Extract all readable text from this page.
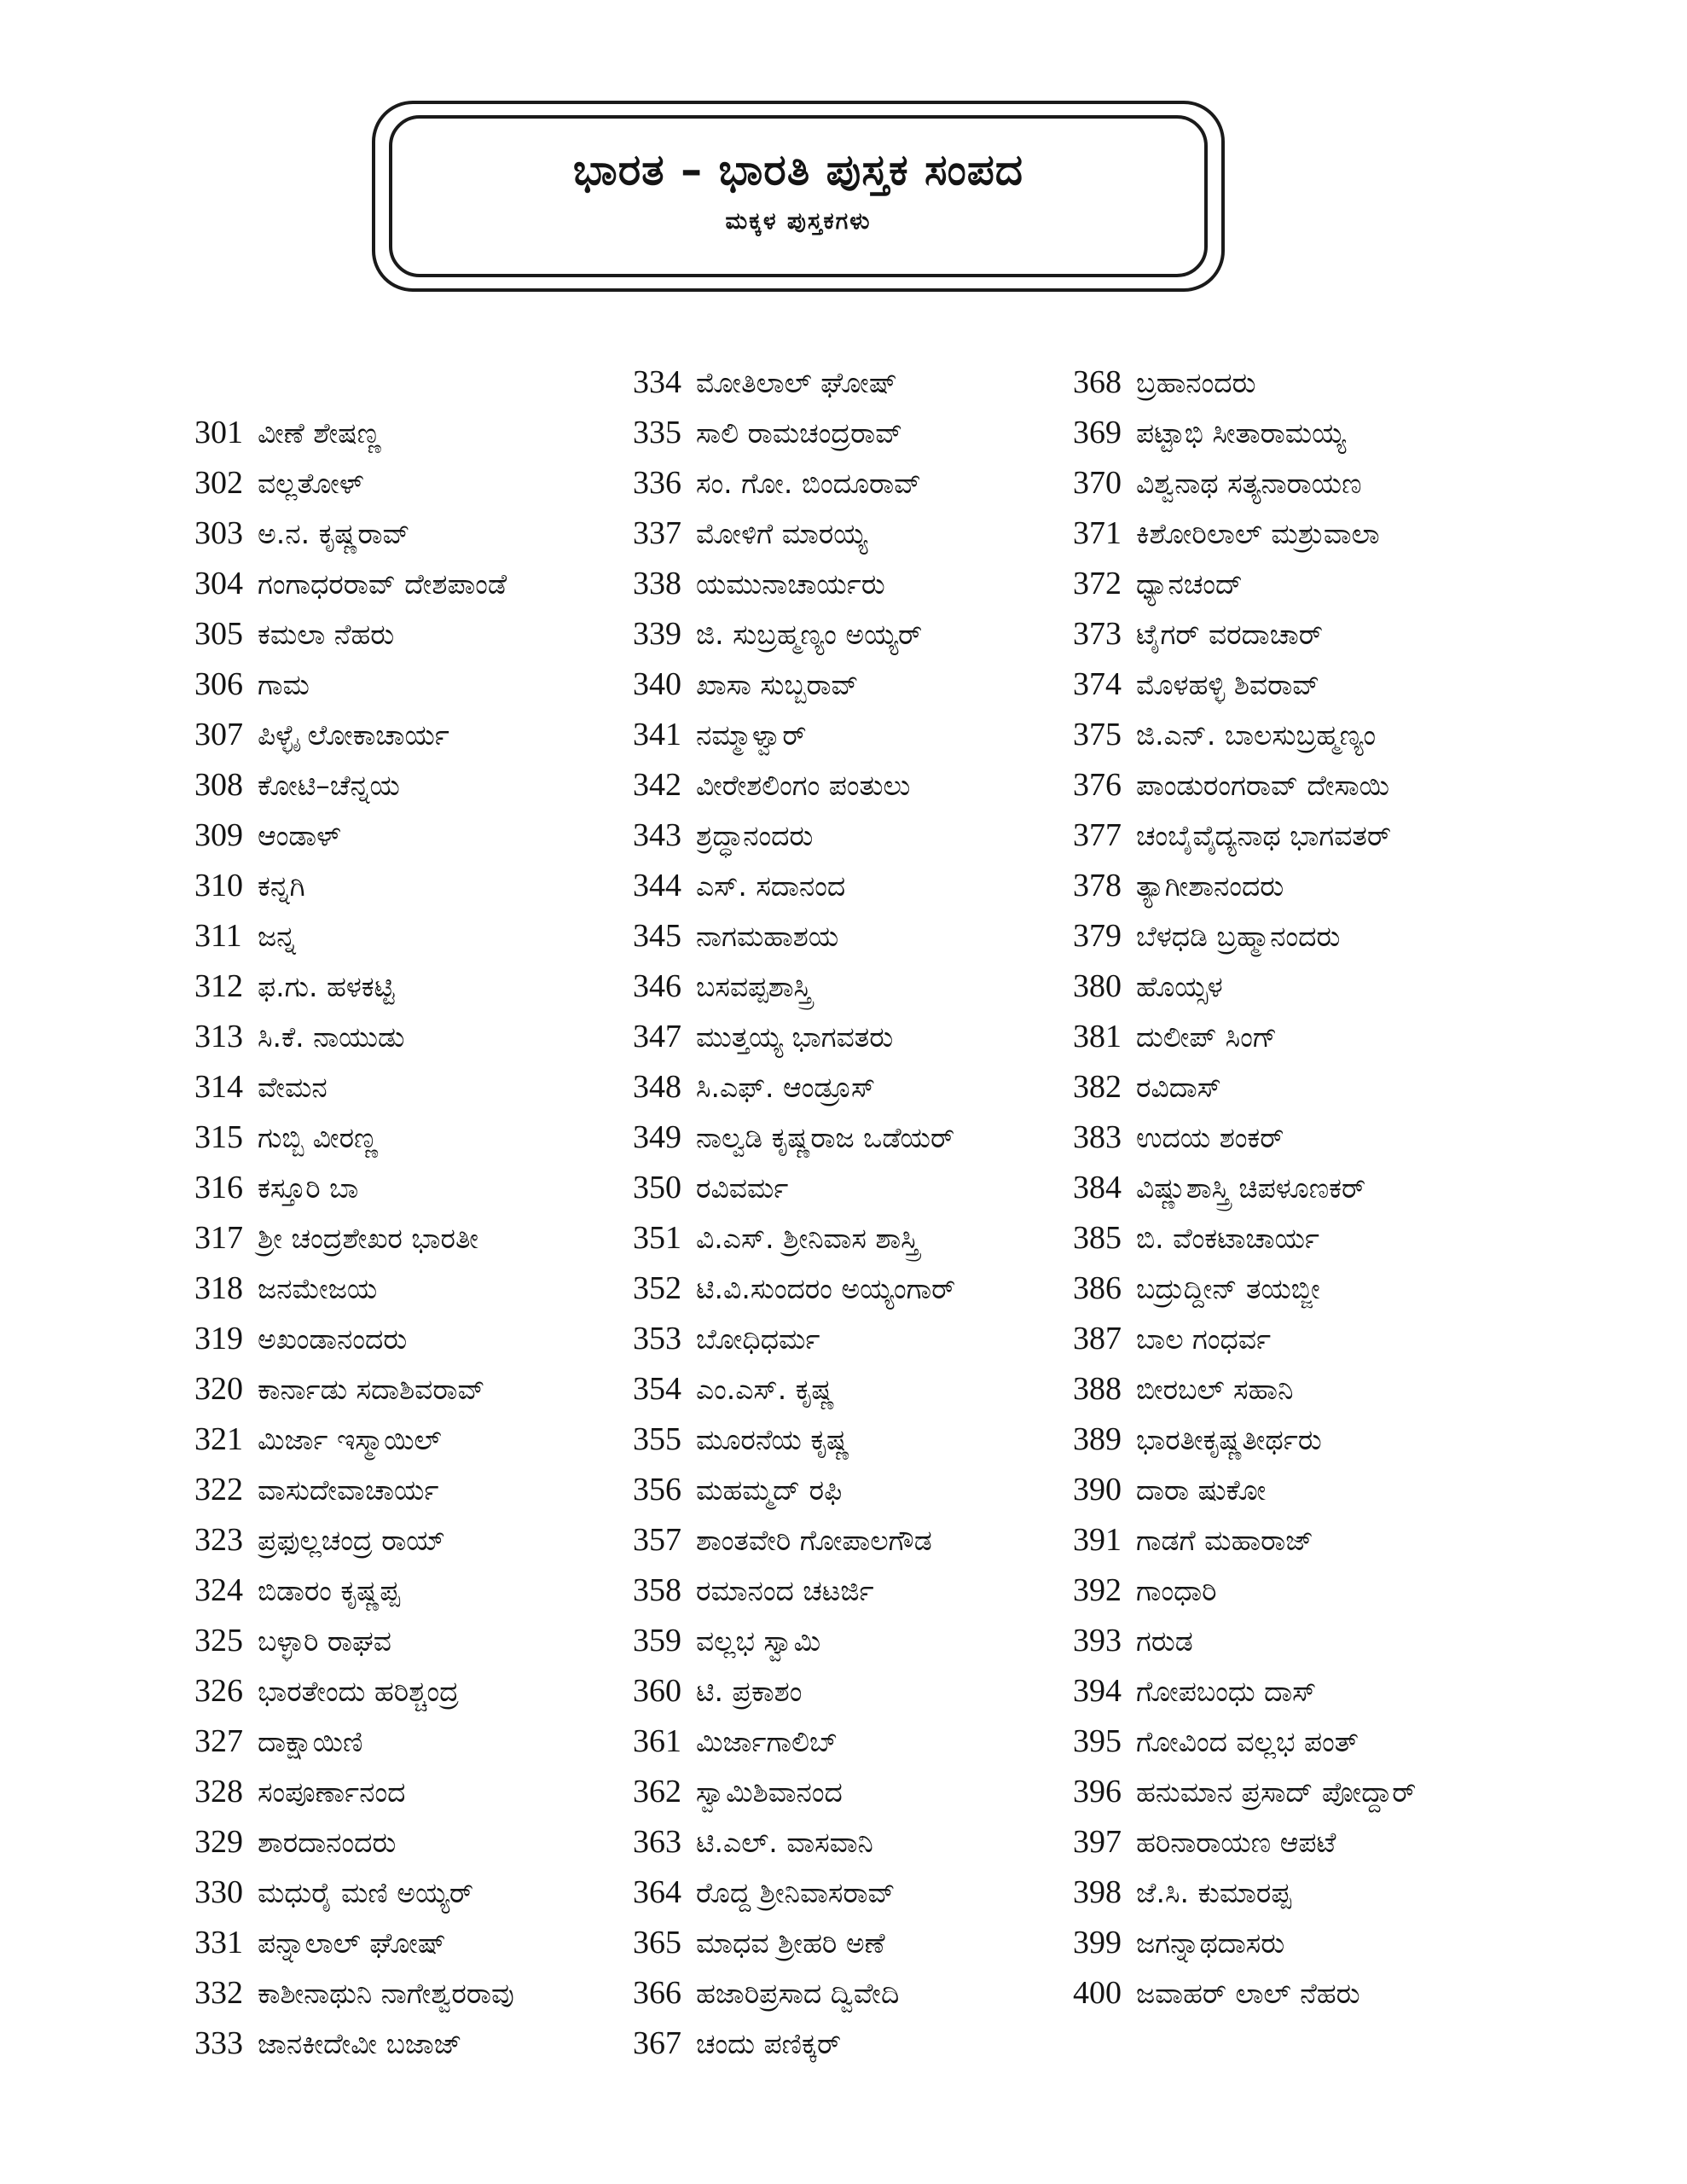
ಭಾರತ – ಭಾರತಿ ಪುಸ್ತಕ ಸಂಪದ
ಮಕ್ಕಳ ಪುಸ್ತಕಗಳು
301 ವೀಣೆ ಶೇಷಣ್ಣ
302 ವಲ್ಲತೋಳ್
303 ಅ.ನ. ಕೃಷ್ಣರಾವ್
304 ಗಂಗಾಧರರಾವ್ ದೇಶಪಾಂಡೆ
305 ಕಮಲಾ ನೆಹರು
306 ಗಾಮ
307 ಪಿಳ್ಳೈ ಲೋಕಾಚಾರ್ಯ
308 ಕೋಟಿ–ಚೆನ್ನಯ
309 ಆಂಡಾಳ್
310 ಕನ್ನಗಿ
311 ಜನ್ನ
312 ಫ.ಗು. ಹಳಕಟ್ಟಿ
313 ಸಿ.ಕೆ. ನಾಯುಡು
314 ವೇಮನ
315 ಗುಬ್ಬಿ ವೀರಣ್ಣ
316 ಕಸ್ತೂರಿ ಬಾ
317 ಶ್ರೀ ಚಂದ್ರಶೇಖರ ಭಾರತೀ
318 ಜನಮೇಜಯ
319 ಅಖಂಡಾನಂದರು
320 ಕಾರ್ನಾಡು ಸದಾಶಿವರಾವ್
321 ಮಿರ್ಜಾ ಇಸ್ಮಾಯಿಲ್
322 ವಾಸುದೇವಾಚಾರ್ಯ
323 ಪ್ರಫುಲ್ಲಚಂದ್ರ ರಾಯ್
324 ಬಿಡಾರಂ ಕೃಷ್ಣಪ್ಪ
325 ಬಳ್ಳಾರಿ ರಾಘವ
326 ಭಾರತೇಂದು ಹರಿಶ್ಚಂದ್ರ
327 ದಾಕ್ಷಾಯಿಣಿ
328 ಸಂಪೂರ್ಣಾನಂದ
329 ಶಾರದಾನಂದರು
330 ಮಧುರೈ ಮಣಿ ಅಯ್ಯರ್
331 ಪನ್ನಾಲಾಲ್ ಘೋಷ್
332 ಕಾಶೀನಾಥುನಿ ನಾಗೇಶ್ವರರಾವು
333 ಜಾನಕೀದೇವೀ ಬಜಾಜ್
334 ಮೋತಿಲಾಲ್ ಘೋಷ್
335 ಸಾಲಿ ರಾಮಚಂದ್ರರಾವ್
336 ಸಂ. ಗೋ. ಬಿಂದೂರಾವ್
337 ಮೋಳಿಗೆ ಮಾರಯ್ಯ
338 ಯಮುನಾಚಾರ್ಯರು
339 ಜಿ. ಸುಬ್ರಹ್ಮಣ್ಯಂ ಅಯ್ಯರ್
340 ಖಾಸಾ ಸುಬ್ಬರಾವ್
341 ನಮ್ಮಾಳ್ವಾರ್
342 ವೀರೇಶಲಿಂಗಂ ಪಂತುಲು
343 ಶ್ರದ್ಧಾನಂದರು
344 ಎಸ್. ಸದಾನಂದ
345 ನಾಗಮಹಾಶಯ
346 ಬಸವಪ್ಪಶಾಸ್ತ್ರಿ
347 ಮುತ್ತಯ್ಯ ಭಾಗವತರು
348 ಸಿ.ಎಫ್. ಆಂಡ್ರೂಸ್
349 ನಾಲ್ವಡಿ ಕೃಷ್ಣರಾಜ ಒಡೆಯರ್
350 ರವಿವರ್ಮ
351 ವಿ.ಎಸ್. ಶ್ರೀನಿವಾಸ ಶಾಸ್ತ್ರಿ
352 ಟಿ.ವಿ.ಸುಂದರಂ ಅಯ್ಯಂಗಾರ್
353 ಬೋಧಿಧರ್ಮ
354 ಎಂ.ಎಸ್. ಕೃಷ್ಣ
355 ಮೂರನೆಯ ಕೃಷ್ಣ
356 ಮಹಮ್ಮದ್ ರಫಿ
357 ಶಾಂತವೇರಿ ಗೋಪಾಲಗೌಡ
358 ರಮಾನಂದ ಚಟರ್ಜಿ
359 ವಲ್ಲಭ ಸ್ವಾಮಿ
360 ಟಿ. ಪ್ರಕಾಶಂ
361 ಮಿರ್ಜಾಗಾಲಿಬ್
362 ಸ್ವಾಮಿಶಿವಾನಂದ
363 ಟಿ.ಎಲ್. ವಾಸವಾನಿ
364 ರೊದ್ದ ಶ್ರೀನಿವಾಸರಾವ್
365 ಮಾಧವ ಶ್ರೀಹರಿ ಅಣೆ
366 ಹಜಾರಿಪ್ರಸಾದ ದ್ವಿವೇದಿ
367 ಚಂದು ಪಣಿಕ್ಕರ್
368 ಬ್ರಹಾನಂದರು
369 ಪಟ್ಟಾಭಿ ಸೀತಾರಾಮಯ್ಯ
370 ವಿಶ್ವನಾಥ ಸತ್ಯನಾರಾಯಣ
371 ಕಿಶೋರಿಲಾಲ್ ಮಶ್ರುವಾಲಾ
372 ಧ್ಯಾನಚಂದ್
373 ಟೈಗರ್ ವರದಾಚಾರ್
374 ಮೊಳಹಳ್ಳಿ ಶಿವರಾವ್
375 ಜಿ.ಎನ್. ಬಾಲಸುಬ್ರಹ್ಮಣ್ಯಂ
376 ಪಾಂಡುರಂಗರಾವ್ ದೇಸಾಯಿ
377 ಚಂಬೈವೈದ್ಯನಾಥ ಭಾಗವತರ್
378 ತ್ಯಾಗೀಶಾನಂದರು
379 ಬೆಳಧಡಿ ಬ್ರಹ್ಮಾನಂದರು
380 ಹೊಯ್ಸಳ
381 ದುಲೀಪ್ ಸಿಂಗ್
382 ರವಿದಾಸ್
383 ಉದಯ ಶಂಕರ್
384 ವಿಷ್ಣುಶಾಸ್ತ್ರಿ ಚಿಪಳೂಣಕರ್
385 ಬಿ. ವೆಂಕಟಾಚಾರ್ಯ
386 ಬದ್ರುದ್ದೀನ್ ತಯಬ್ಜೀ
387 ಬಾಲ ಗಂಧರ್ವ
388 ಬೀರಬಲ್ ಸಹಾನಿ
389 ಭಾರತೀಕೃಷ್ಣತೀರ್ಥರು
390 ದಾರಾ ಷುಕೋ
391 ಗಾಡಗೆ ಮಹಾರಾಜ್
392 ಗಾಂಧಾರಿ
393 ಗರುಡ
394 ಗೋಪಬಂಧು ದಾಸ್
395 ಗೋವಿಂದ ವಲ್ಲಭ ಪಂತ್
396 ಹನುಮಾನ ಪ್ರಸಾದ್ ಪೋದ್ದಾರ್
397 ಹರಿನಾರಾಯಣ ಆಪಟೆ
398 ಜೆ.ಸಿ. ಕುಮಾರಪ್ಪ
399 ಜಗನ್ನಾಥದಾಸರು
400 ಜವಾಹರ್ ಲಾಲ್ ನೆಹರು
